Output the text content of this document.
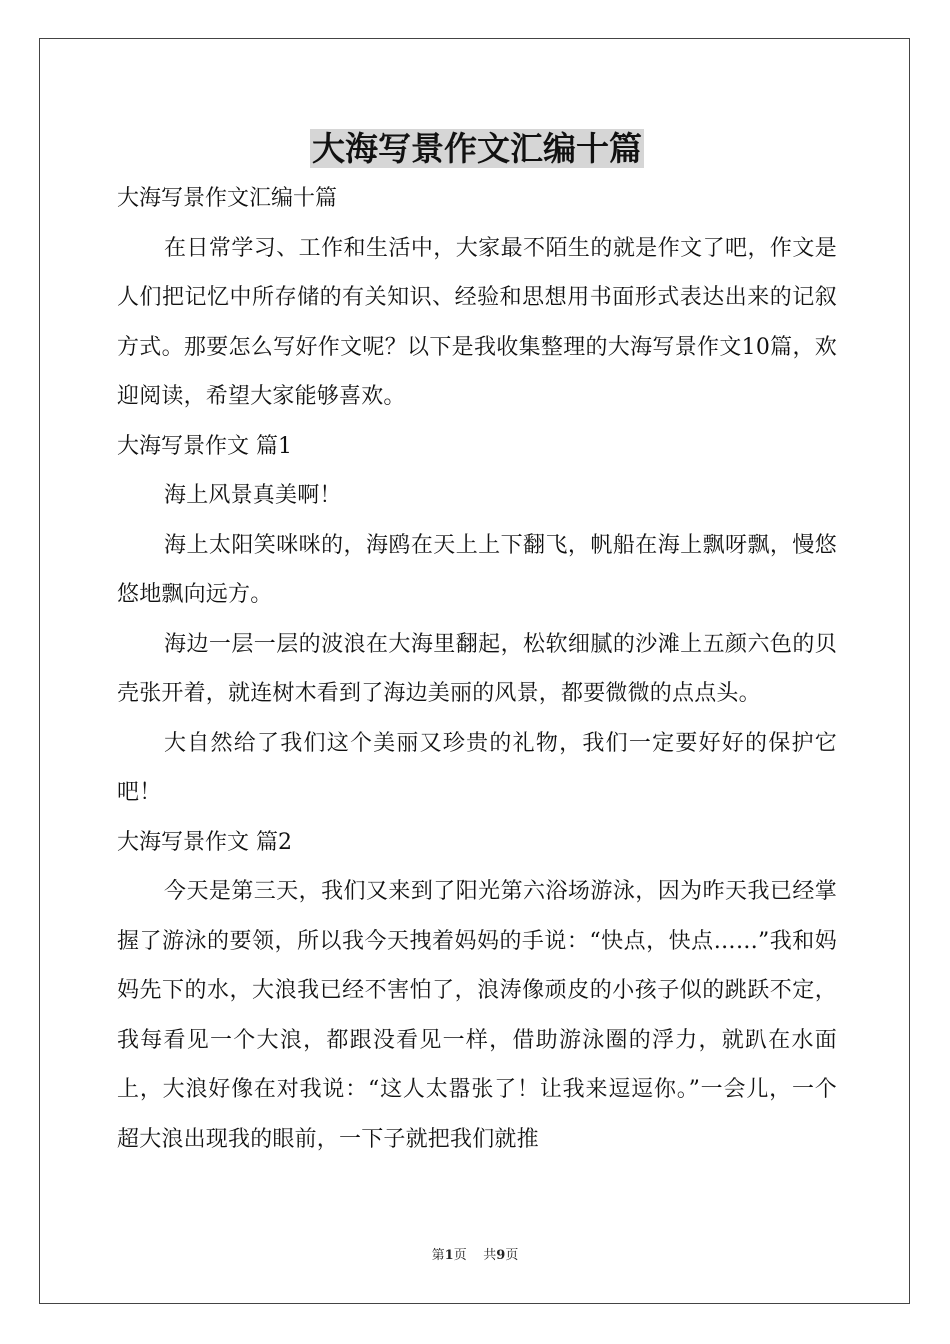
大海写景作文汇编十篇

大海写景作文汇编十篇

在日常学习、工作和生活中，大家最不陌生的就是作文了吧，作文是人们把记忆中所存储的有关知识、经验和思想用书面形式表达出来的记叙方式。那要怎么写好作文呢？以下是我收集整理的大海写景作文10篇，欢迎阅读，希望大家能够喜欢。

大海写景作文 篇1

海上风景真美啊！

海上太阳笑咪咪的，海鸥在天上上下翻飞，帆船在海上飘呀飘，慢悠悠地飘向远方。

海边一层一层的波浪在大海里翻起，松软细腻的沙滩上五颜六色的贝壳张开着，就连树木看到了海边美丽的风景，都要微微的点点头。

大自然给了我们这个美丽又珍贵的礼物，我们一定要好好的保护它吧！

大海写景作文 篇2

今天是第三天，我们又来到了阳光第六浴场游泳，因为昨天我已经掌握了游泳的要领，所以我今天拽着妈妈的手说：“快点，快点……”我和妈妈先下的水，大浪我已经不害怕了，浪涛像顽皮的小孩子似的跳跃不定，我每看见一个大浪，都跟没看见一样，借助游泳圈的浮力，就趴在水面上，大浪好像在对我说：“这人太嚣张了！让我来逗逗你。”一会儿，一个超大浪出现我的眼前，一下子就把我们就推

第1页 共9页
